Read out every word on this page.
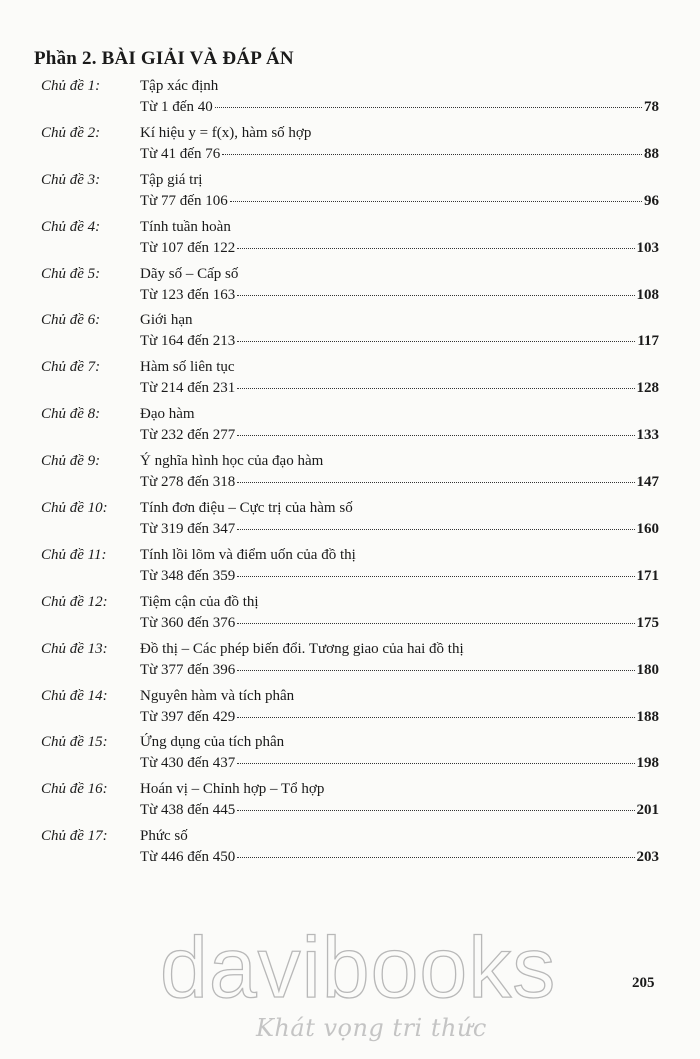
Phần 2. BÀI GIẢI VÀ ĐÁP ÁN
Chủ đề 1:	Tập xác định
Từ 1 đến 40	78
Chủ đề 2:	Kí hiệu y = f(x), hàm số hợp
Từ 41 đến 76	88
Chủ đề 3:	Tập giá trị
Từ 77 đến 106	96
Chủ đề 4:	Tính tuần hoàn
Từ 107 đến 122	103
Chủ đề 5:	Dãy số – Cấp số
Từ 123 đến 163	108
Chủ đề 6:	Giới hạn
Từ 164 đến 213	117
Chủ đề 7:	Hàm số liên tục
Từ 214 đến 231	128
Chủ đề 8:	Đạo hàm
Từ 232 đến 277	133
Chủ đề 9:	Ý nghĩa hình học của đạo hàm
Từ 278 đến 318	147
Chủ đề 10: Tính đơn điệu – Cực trị của hàm số
Từ 319 đến 347	160
Chủ đề 11: Tính lồi lõm và điểm uốn của đồ thị
Từ 348 đến 359	171
Chủ đề 12: Tiệm cận của đồ thị
Từ 360 đến 376	175
Chủ đề 13: Đồ thị – Các phép biến đổi. Tương giao của hai đồ thị
Từ 377 đến 396	180
Chủ đề 14: Nguyên hàm và tích phân
Từ 397 đến 429	188
Chủ đề 15: Ứng dụng của tích phân
Từ 430 đến 437	198
Chủ đề 16: Hoán vị – Chỉnh hợp – Tổ hợp
Từ 438 đến 445	201
Chủ đề 17: Phức số
Từ 446 đến 450	203
205
davibooks
Khát vọng tri thức
